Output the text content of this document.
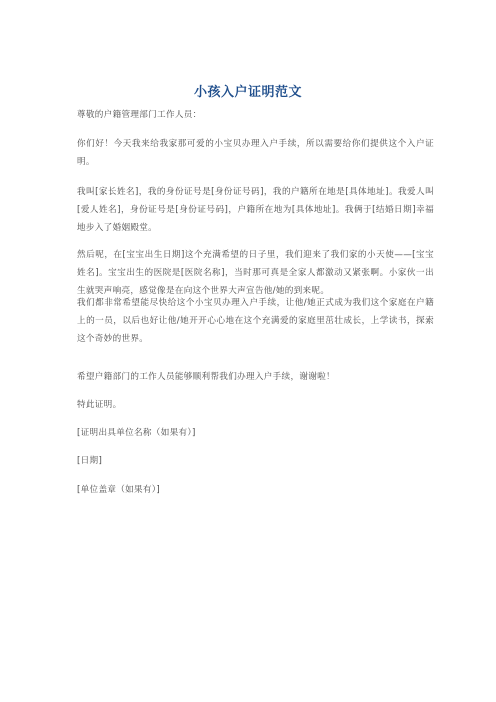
小孩入户证明范文
尊敬的户籍管理部门工作人员：
你们好！今天我来给我家那可爱的小宝贝办理入户手续，所以需要给你们提供这个入户证明。
我叫[家长姓名]，我的身份证号是[身份证号码]，我的户籍所在地是[具体地址]。我爱人叫[爱人姓名]，身份证号是[身份证号码]，户籍所在地为[具体地址]。我俩于[结婚日期]幸福地步入了婚姻殿堂。
然后呢，在[宝宝出生日期]这个充满希望的日子里，我们迎来了我们家的小天使——[宝宝姓名]。宝宝出生的医院是[医院名称]，当时那可真是全家人都激动又紧张啊。小家伙一出生就哭声响亮，感觉像是在向这个世界大声宣告他/她的到来呢。
我们都非常希望能尽快给这个小宝贝办理入户手续，让他/她正式成为我们这个家庭在户籍上的一员，以后也好让他/她开开心心地在这个充满爱的家庭里茁壮成长，上学读书，探索这个奇妙的世界。
希望户籍部门的工作人员能够顺利帮我们办理入户手续，谢谢啦！
特此证明。
[证明出具单位名称（如果有）]
[日期]
[单位盖章（如果有）]
